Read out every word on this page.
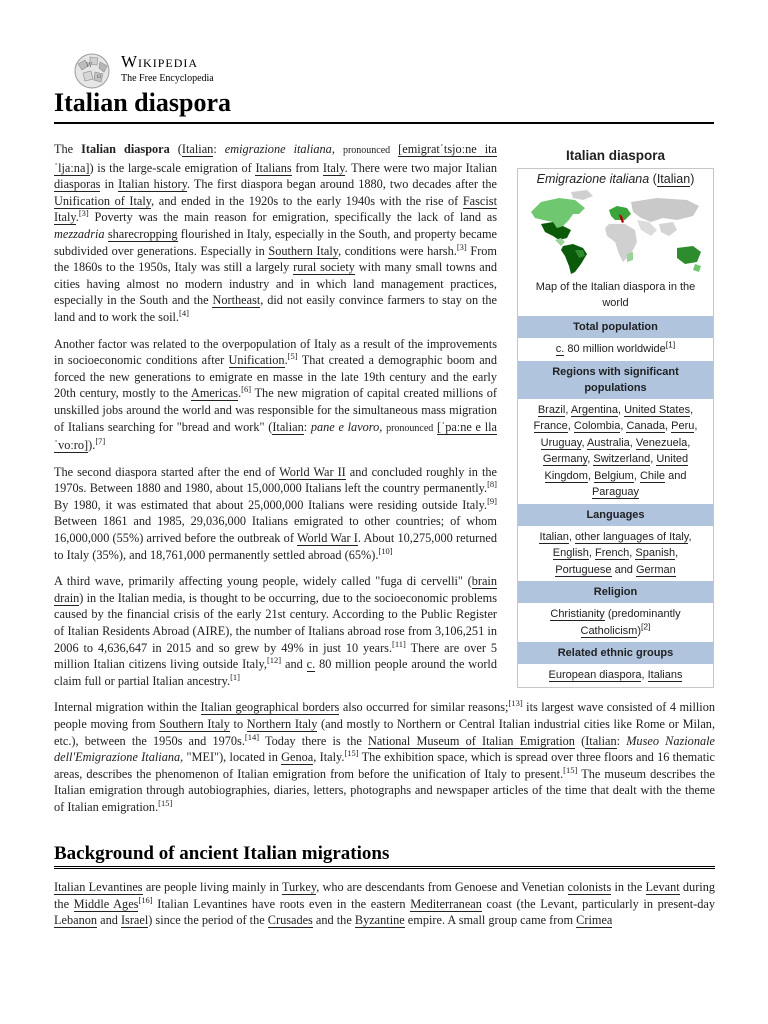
W
Ω
Wikipedia
The Free Encyclopedia
Italian diaspora

The Italian diaspora (Italian: emigrazione italiana, pronounced [emigratˈtsjoːne itaˈljaːna]) is the large-scale emigration of Italians from Italy. There were two major Italian diasporas in Italian history. The first diaspora began around 1880, two decades after the Unification of Italy, and ended in the 1920s to the early 1940s with the rise of Fascist Italy.[3] Poverty was the main reason for emigration, specifically the lack of land as mezzadria sharecropping flourished in Italy, especially in the South, and property became subdivided over generations. Especially in Southern Italy, conditions were harsh.[3] From the 1860s to the 1950s, Italy was still a largely rural society with many small towns and cities having almost no modern industry and in which land management practices, especially in the South and the Northeast, did not easily convince farmers to stay on the land and to work the soil.[4]

Another factor was related to the overpopulation of Italy as a result of the improvements in socioeconomic conditions after Unification.[5] That created a demographic boom and forced the new generations to emigrate en masse in the late 19th century and the early 20th century, mostly to the Americas.[6] The new migration of capital created millions of unskilled jobs around the world and was responsible for the simultaneous mass migration of Italians searching for "bread and work" (Italian: pane e lavoro, pronounced [ˈpaːne e llaˈvoːro]).[7]

The second diaspora started after the end of World War II and concluded roughly in the 1970s. Between 1880 and 1980, about 15,000,000 Italians left the country permanently.[8] By 1980, it was estimated that about 25,000,000 Italians were residing outside Italy.[9] Between 1861 and 1985, 29,036,000 Italians emigrated to other countries; of whom 16,000,000 (55%) arrived before the outbreak of World War I. About 10,275,000 returned to Italy (35%), and 18,761,000 permanently settled abroad (65%).[10]

A third wave, primarily affecting young people, widely called "fuga di cervelli" (brain drain) in the Italian media, is thought to be occurring, due to the socioeconomic problems caused by the financial crisis of the early 21st century. According to the Public Register of Italian Residents Abroad (AIRE), the number of Italians abroad rose from 3,106,251 in 2006 to 4,636,647 in 2015 and so grew by 49% in just 10 years.[11] There are over 5 million Italian citizens living outside Italy,[12] and c. 80 million people around the world claim full or partial Italian ancestry.[1]

Internal migration within the Italian geographical borders also occurred for similar reasons;[13] its largest wave consisted of 4 million people moving from Southern Italy to Northern Italy (and mostly to Northern or Central Italian industrial cities like Rome or Milan, etc.), between the 1950s and 1970s.[14] Today there is the National Museum of Italian Emigration (Italian: Museo Nazionale dell'Emigrazione Italiana, "MEI"), located in Genoa, Italy.[15] The exhibition space, which is spread over three floors and 16 thematic areas, describes the phenomenon of Italian emigration from before the unification of Italy to present.[15] The museum describes the Italian emigration through autobiographies, diaries, letters, photographs and newspaper articles of the time that dealt with the theme of Italian emigration.[15]

Background of ancient Italian migrations

Italian Levantines are people living mainly in Turkey, who are descendants from Genoese and Venetian colonists in the Levant during the Middle Ages[16] Italian Levantines have roots even in the eastern Mediterranean coast (the Levant, particularly in present-day Lebanon and Israel) since the period of the Crusades and the Byzantine empire. A small group came from Crimea

Italian diaspora
Emigrazione italiana (Italian)
Map of the Italian diaspora in the world
Total population
c. 80 million worldwide[1]
Regions with significant populations
Brazil, Argentina, United States, France, Colombia, Canada, Peru, Uruguay, Australia, Venezuela, Germany, Switzerland, United Kingdom, Belgium, Chile and Paraguay
Languages
Italian, other languages of Italy, English, French, Spanish, Portuguese and German
Religion
Christianity (predominantly Catholicism)[2]
Related ethnic groups
European diaspora, Italians
